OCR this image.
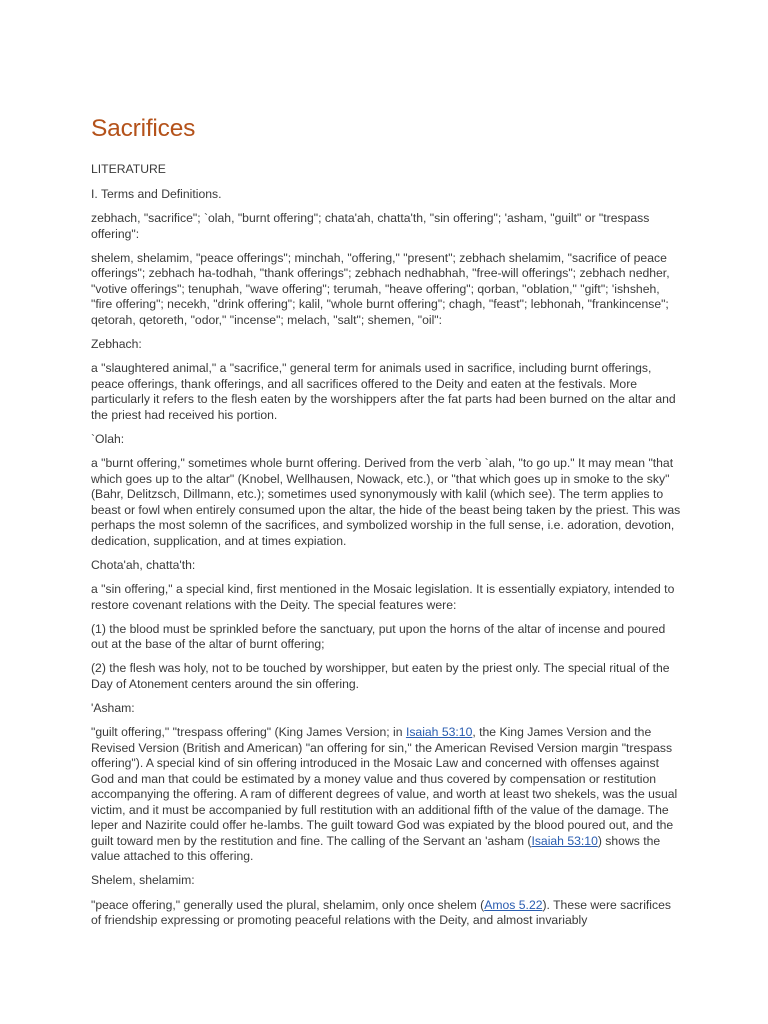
Sacrifices

LITERATURE

I. Terms and Definitions.

zebhach, "sacrifice"; `olah, "burnt offering"; chata'ah, chatta'th, "sin offering"; 'asham, "guilt" or "trespass offering":

shelem, shelamim, "peace offerings"; minchah, "offering," "present"; zebhach shelamim, "sacrifice of peace offerings"; zebhach ha-todhah, "thank offerings"; zebhach nedhabhah, "free-will offerings"; zebhach nedher, "votive offerings"; tenuphah, "wave offering"; terumah, "heave offering"; qorban, "oblation," "gift"; 'ishsheh, "fire offering"; necekh, "drink offering"; kalil, "whole burnt offering"; chagh, "feast"; lebhonah, "frankincense"; qetorah, qetoreth, "odor," "incense"; melach, "salt"; shemen, "oil":

Zebhach:

a "slaughtered animal," a "sacrifice," general term for animals used in sacrifice, including burnt offerings, peace offerings, thank offerings, and all sacrifices offered to the Deity and eaten at the festivals. More particularly it refers to the flesh eaten by the worshippers after the fat parts had been burned on the altar and the priest had received his portion.

`Olah:

a "burnt offering," sometimes whole burnt offering. Derived from the verb `alah, "to go up." It may mean "that which goes up to the altar" (Knobel, Wellhausen, Nowack, etc.), or "that which goes up in smoke to the sky" (Bahr, Delitzsch, Dillmann, etc.); sometimes used synonymously with kalil (which see). The term applies to beast or fowl when entirely consumed upon the altar, the hide of the beast being taken by the priest. This was perhaps the most solemn of the sacrifices, and symbolized worship in the full sense, i.e. adoration, devotion, dedication, supplication, and at times expiation.

Chota'ah, chatta'th:

a "sin offering," a special kind, first mentioned in the Mosaic legislation. It is essentially expiatory, intended to restore covenant relations with the Deity. The special features were:

(1) the blood must be sprinkled before the sanctuary, put upon the horns of the altar of incense and poured out at the base of the altar of burnt offering;

(2) the flesh was holy, not to be touched by worshipper, but eaten by the priest only. The special ritual of the Day of Atonement centers around the sin offering.

'Asham:

"guilt offering," "trespass offering" (King James Version; in Isaiah 53:10, the King James Version and the Revised Version (British and American) "an offering for sin," the American Revised Version margin "trespass offering"). A special kind of sin offering introduced in the Mosaic Law and concerned with offenses against God and man that could be estimated by a money value and thus covered by compensation or restitution accompanying the offering. A ram of different degrees of value, and worth at least two shekels, was the usual victim, and it must be accompanied by full restitution with an additional fifth of the value of the damage. The leper and Nazirite could offer he-lambs. The guilt toward God was expiated by the blood poured out, and the guilt toward men by the restitution and fine. The calling of the Servant an 'asham (Isaiah 53:10) shows the value attached to this offering.

Shelem, shelamim:

"peace offering," generally used the plural, shelamim, only once shelem (Amos 5.22). These were sacrifices of friendship expressing or promoting peaceful relations with the Deity, and almost invariably
